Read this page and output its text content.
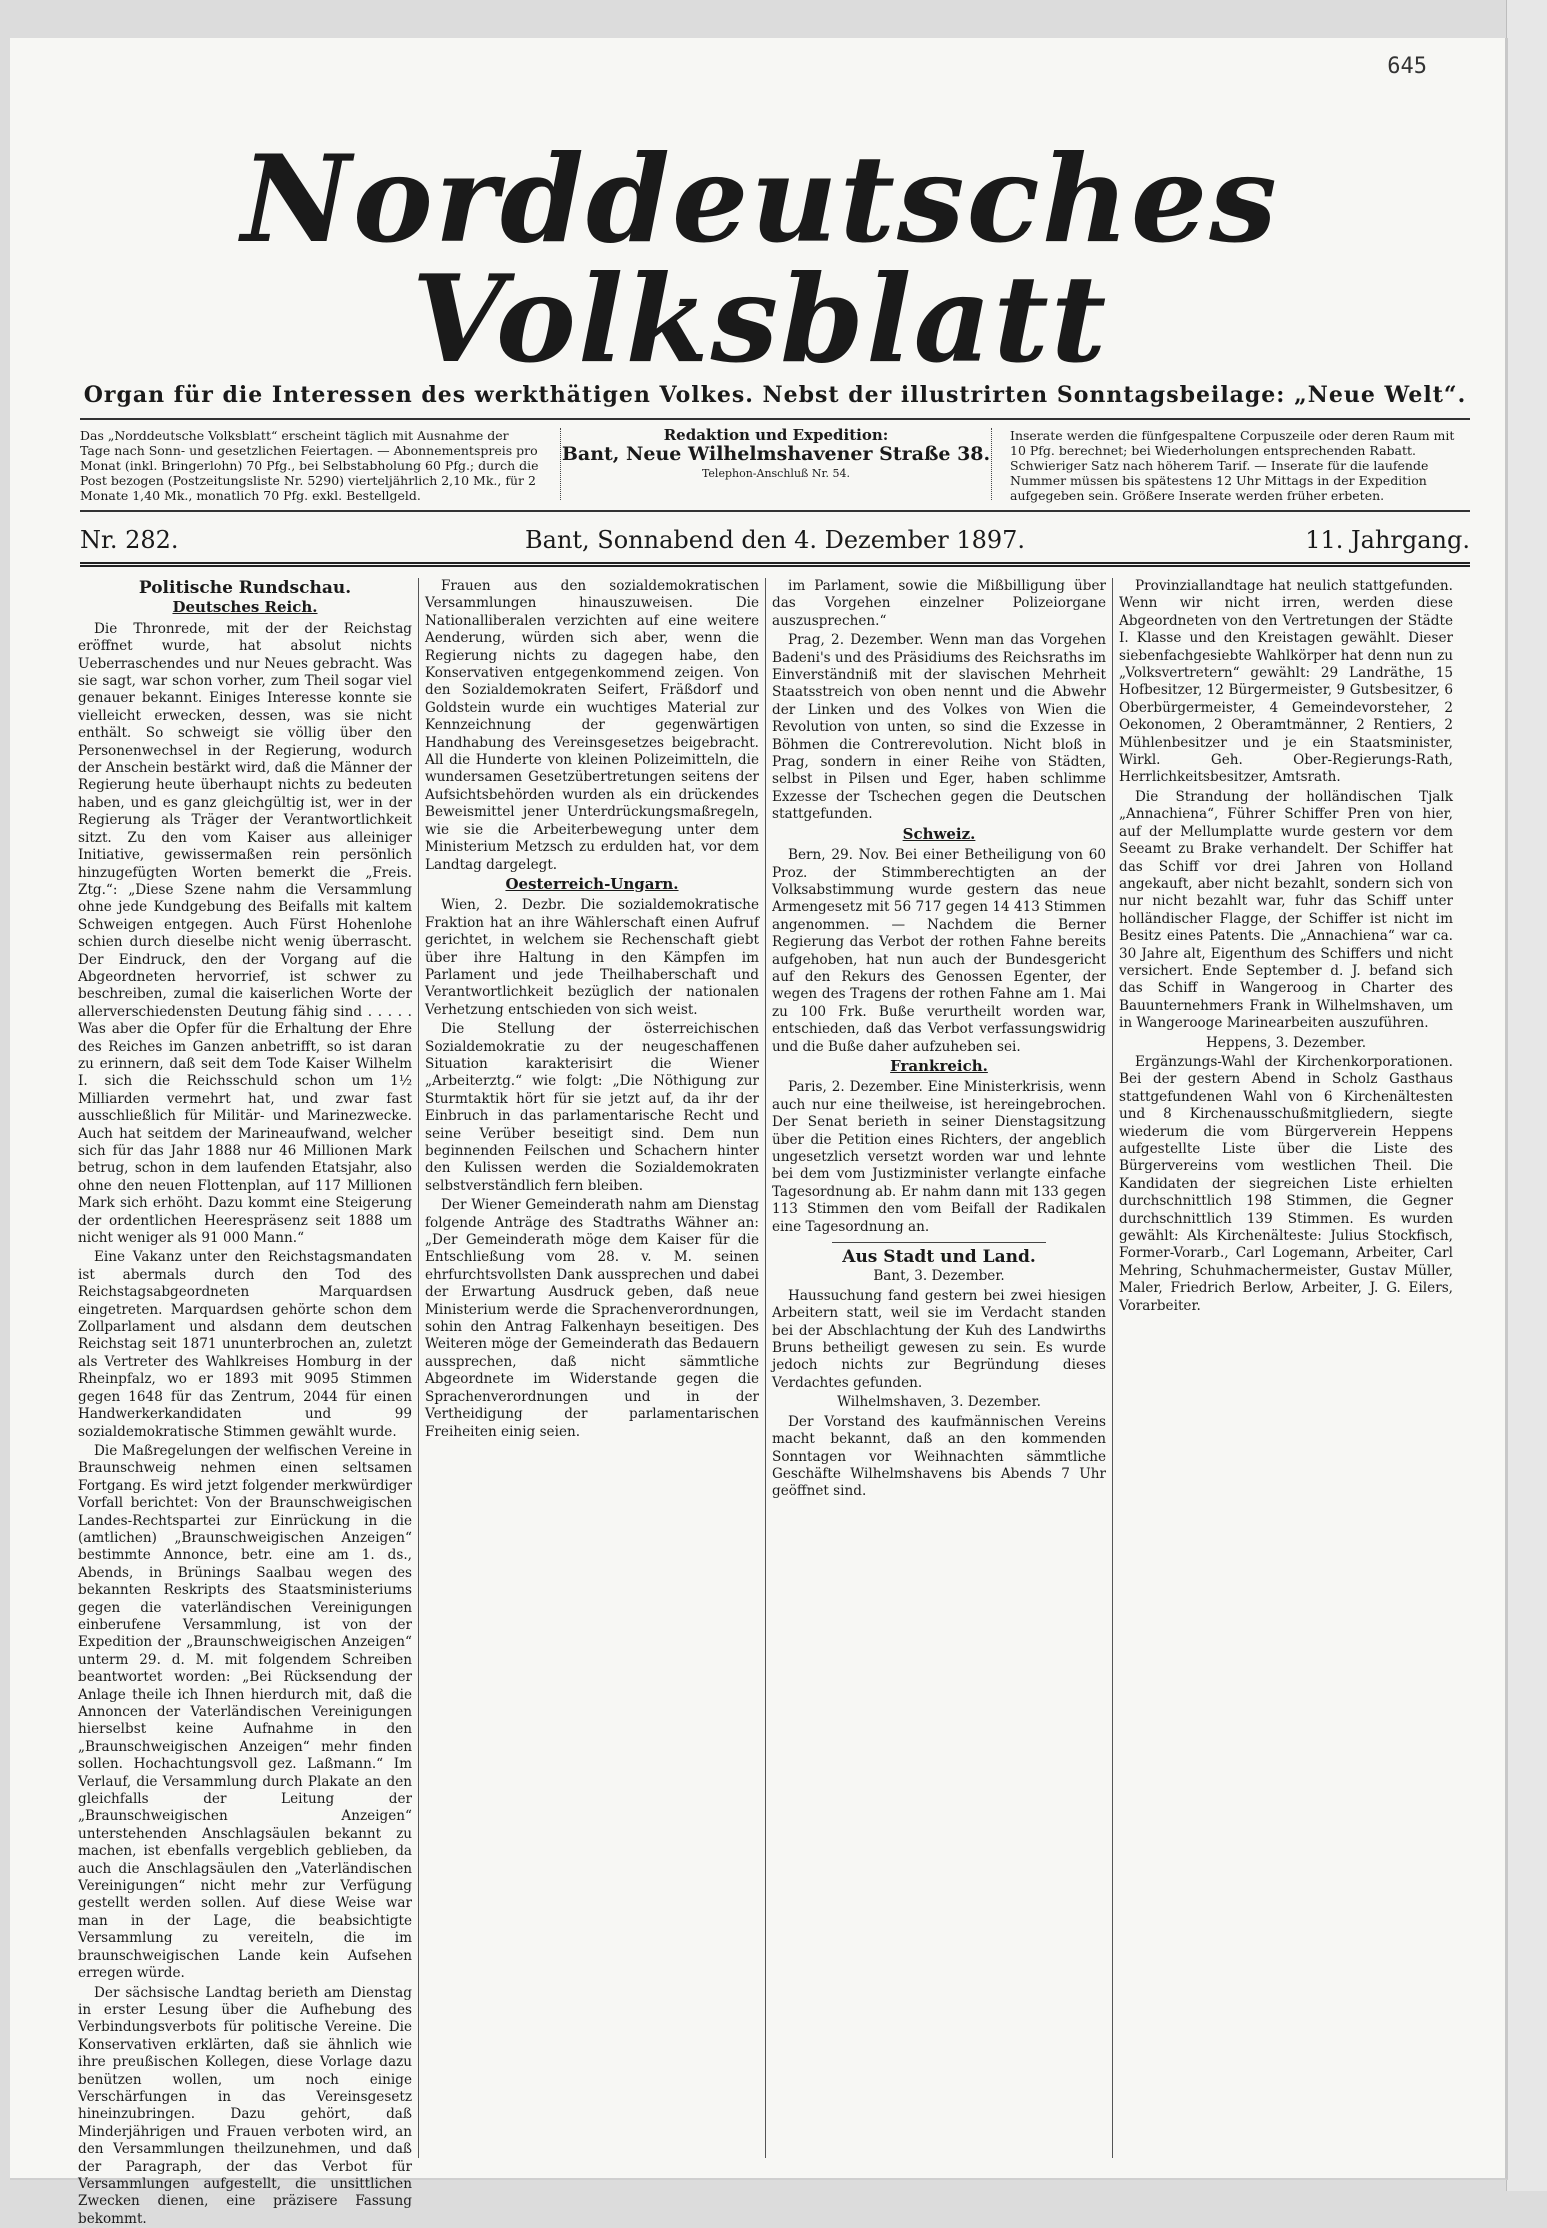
645
Norddeutsches Volksblatt
Organ für die Interessen des werkthätigen Volkes. Nebst der illustrirten Sonntagsbeilage: „Neue Welt“.
Das „Norddeutsche Volksblatt“ erscheint täglich mit Ausnahme der Tage nach Sonn- und gesetzlichen Feiertagen. — Abonnementspreis pro Monat (inkl. Bringerlohn) 70 Pfg., bei Selbstabholung 60 Pfg.; durch die Post bezogen (Postzeitungsliste Nr. 5290) vierteljährlich 2,10 Mk., für 2 Monate 1,40 Mk., monatlich 70 Pfg. exkl. Bestellgeld.
Redaktion und Expedition:
Bant, Neue Wilhelmshavener Straße 38.
Telephon-Anschluß Nr. 54.
Inserate werden die fünfgespaltene Corpuszeile oder deren Raum mit 10 Pfg. berechnet; bei Wiederholungen entsprechenden Rabatt. Schwieriger Satz nach höherem Tarif. — Inserate für die laufende Nummer müssen bis spätestens 12 Uhr Mittags in der Expedition aufgegeben sein. Größere Inserate werden früher erbeten.
Nr. 282.	Bant, Sonnabend den 4. Dezember 1897.	11. Jahrgang.
Politische Rundschau.
Deutsches Reich.

Die Thronrede, mit der der Reichstag eröffnet wurde, hat absolut nichts Ueberraschendes und nur Neues gebracht. Was sie sagt, war schon vorher, zum Theil sogar viel genauer bekannt. Einiges Interesse konnte sie vielleicht erwecken, dessen, was sie nicht enthält. So schweigt sie völlig über den Personenwechsel in der Regierung, wodurch der Anschein bestärkt wird, daß die Männer der Regierung heute überhaupt nichts zu bedeuten haben, und es ganz gleichgültig ist, wer in der Regierung als Träger der Verantwortlichkeit sitzt. Zu den vom Kaiser aus alleiniger Initiative, gewissermaßen rein persönlich hinzugefügten Worten bemerkt die „Freis. Ztg.“: „Diese Szene nahm die Versammlung ohne jede Kundgebung des Beifalls mit kaltem Schweigen entgegen. Auch Fürst Hohenlohe schien durch dieselbe nicht wenig überrascht. Der Eindruck, den der Vorgang auf die Abgeordneten hervorrief, ist schwer zu beschreiben, zumal die kaiserlichen Worte der allerverschiedensten Deutung fähig sind . . . . . Was aber die Opfer für die Erhaltung der Ehre des Reiches im Ganzen anbetrifft, so ist daran zu erinnern, daß seit dem Tode Kaiser Wilhelm I. sich die Reichsschuld schon um 1½ Milliarden vermehrt hat, und zwar fast ausschließlich für Militär- und Marinezwecke. Auch hat seitdem der Marineaufwand, welcher sich für das Jahr 1888 nur 46 Millionen Mark betrug, schon in dem laufenden Etatsjahr, also ohne den neuen Flottenplan, auf 117 Millionen Mark sich erhöht. Dazu kommt eine Steigerung der ordentlichen Heerespräsenz seit 1888 um nicht weniger als 91 000 Mann.“

Eine Vakanz unter den Reichstagsmandaten ist abermals durch den Tod des Reichstagsabgeordneten Marquardsen eingetreten. Marquardsen gehörte schon dem Zollparlament und alsdann dem deutschen Reichstag seit 1871 ununterbrochen an, zuletzt als Vertreter des Wahlkreises Homburg in der Rheinpfalz, wo er 1893 mit 9095 Stimmen gegen 1648 für das Zentrum, 2044 für einen Handwerkerkandidaten und 99 sozialdemokratische Stimmen gewählt wurde.

Die Maßregelungen der welfischen Vereine in Braunschweig nehmen einen seltsamen Fortgang. Es wird jetzt folgender merkwürdiger Vorfall berichtet: Von der Braunschweigischen Landes-Rechtspartei zur Einrückung in die (amtlichen) „Braunschweigischen Anzeigen“ bestimmte Annonce, betr. eine am 1. ds., Abends, in Brünings Saalbau wegen des bekannten Reskripts des Staatsministeriums gegen die vaterländischen Vereinigungen einberufene Versammlung, ist von der Expedition der „Braunschweigischen Anzeigen“ unterm 29. d. M. mit folgendem Schreiben beantwortet worden: „Bei Rücksendung der Anlage theile ich Ihnen hierdurch mit, daß die Annoncen der Vaterländischen Vereinigungen hierselbst keine Aufnahme in den „Braunschweigischen Anzeigen“ mehr finden sollen. Hochachtungsvoll gez. Laßmann.“ Im Verlauf, die Versammlung durch Plakate an den gleichfalls der Leitung der „Braunschweigischen Anzeigen“ unterstehenden Anschlagsäulen bekannt zu machen, ist ebenfalls vergeblich geblieben, da auch die Anschlagsäulen den „Vaterländischen Vereinigungen“ nicht mehr zur Verfügung gestellt werden sollen. Auf diese Weise war man in der Lage, die beabsichtigte Versammlung zu vereiteln, die im braunschweigischen Lande kein Aufsehen erregen würde.

Der sächsische Landtag berieth am Dienstag in erster Lesung über die Aufhebung des Verbindungsverbots für politische Vereine. Die Konservativen erklärten, daß sie ähnlich wie ihre preußischen Kollegen, diese Vorlage dazu benützen wollen, um noch einige Verschärfungen in das Vereinsgesetz hineinzubringen. Dazu gehört, daß Minderjährigen und Frauen verboten wird, an den Versammlungen theilzunehmen, und daß der Paragraph, der das Verbot für Versammlungen aufgestellt, die unsittlichen Zwecken dienen, eine präzisere Fassung bekommt.

Frauen aus den sozialdemokratischen Versammlungen hinauszuweisen. Die Nationalliberalen verzichten auf eine weitere Aenderung, würden sich aber, wenn die Regierung nichts zu dagegen habe, den Konservativen entgegenkommend zeigen. Von den Sozialdemokraten Seifert, Fräßdorf und Goldstein wurde ein wuchtiges Material zur Kennzeichnung der gegenwärtigen Handhabung des Vereinsgesetzes beigebracht. All die Hunderte von kleinen Polizeimitteln, die wundersamen Gesetzübertretungen seitens der Aufsichtsbehörden wurden als ein drückendes Beweismittel jener Unterdrückungsmaßregeln, wie sie die Arbeiterbewegung unter dem Ministerium Metzsch zu erdulden hat, vor dem Landtag dargelegt.

Oesterreich-Ungarn.

Wien, 2. Dezbr. Die sozialdemokratische Fraktion hat an ihre Wählerschaft einen Aufruf gerichtet, in welchem sie Rechenschaft giebt über ihre Haltung in den Kämpfen im Parlament und jede Theilhaberschaft und Verantwortlichkeit bezüglich der nationalen Verhetzung entschieden von sich weist.

Die Stellung der österreichischen Sozialdemokratie zu der neugeschaffenen Situation karakterisirt die Wiener „Arbeiterztg.“ wie folgt: „Die Nöthigung zur Sturmtaktik hört für sie jetzt auf, da ihr der Einbruch in das parlamentarische Recht und seine Verüber beseitigt sind. Dem nun beginnenden Feilschen und Schachern hinter den Kulissen werden die Sozialdemokraten selbstverständlich fern bleiben.

Der Wiener Gemeinderath nahm am Dienstag folgende Anträge des Stadtraths Wähner an: „Der Gemeinderath möge dem Kaiser für die Entschließung vom 28. v. M. seinen ehrfurchtsvollsten Dank aussprechen und dabei der Erwartung Ausdruck geben, daß neue Ministerium werde die Sprachenverordnungen, sohin den Antrag Falkenhayn beseitigen. Des Weiteren möge der Gemeinderath das Bedauern aussprechen, daß nicht sämmtliche Abgeordnete im Widerstande gegen die Sprachenverordnungen und in der Vertheidigung der parlamentarischen Freiheiten einig seien.

im Parlament, sowie die Mißbilligung über das Vorgehen einzelner Polizeiorgane auszusprechen.“

Prag, 2. Dezember. Wenn man das Vorgehen Badeni's und des Präsidiums des Reichsraths im Einverständniß mit der slavischen Mehrheit Staatsstreich von oben nennt und die Abwehr der Linken und des Volkes von Wien die Revolution von unten, so sind die Exzesse in Böhmen die Contrerevolution. Nicht bloß in Prag, sondern in einer Reihe von Städten, selbst in Pilsen und Eger, haben schlimme Exzesse der Tschechen gegen die Deutschen stattgefunden.

Schweiz.

Bern, 29. Nov. Bei einer Betheiligung von 60 Proz. der Stimmberechtigten an der Volksabstimmung wurde gestern das neue Armengesetz mit 56 717 gegen 14 413 Stimmen angenommen. — Nachdem die Berner Regierung das Verbot der rothen Fahne bereits aufgehoben, hat nun auch der Bundesgericht auf den Rekurs des Genossen Egenter, der wegen des Tragens der rothen Fahne am 1. Mai zu 100 Frk. Buße verurtheilt worden war, entschieden, daß das Verbot verfassungswidrig und die Buße daher aufzuheben sei.

Frankreich.

Paris, 2. Dezember. Eine Ministerkrisis, wenn auch nur eine theilweise, ist hereingebrochen. Der Senat berieth in seiner Dienstagsitzung über die Petition eines Richters, der angeblich ungesetzlich versetzt worden war und lehnte bei dem vom Justizminister verlangte einfache Tagesordnung ab. Er nahm dann mit 133 gegen 113 Stimmen den vom Beifall der Radikalen eine Tagesordnung an.

Aus Stadt und Land.

Bant, 3. Dezember.

Haussuchung fand gestern bei zwei hiesigen Arbeitern statt, weil sie im Verdacht standen bei der Abschlachtung der Kuh des Landwirths Bruns betheiligt gewesen zu sein. Es wurde jedoch nichts zur Begründung dieses Verdachtes gefunden.

Wilhelmshaven, 3. Dezember.

Der Vorstand des kaufmännischen Vereins macht bekannt, daß an den kommenden Sonntagen vor Weihnachten sämmtliche Geschäfte Wilhelmshavens bis Abends 7 Uhr geöffnet sind.

Provinziallandtage hat neulich stattgefunden. Wenn wir nicht irren, werden diese Abgeordneten von den Vertretungen der Städte I. Klasse und den Kreistagen gewählt. Dieser siebenfachgesiebte Wahlkörper hat denn nun zu „Volksvertretern“ gewählt: 29 Landräthe, 15 Hofbesitzer, 12 Bürgermeister, 9 Gutsbesitzer, 6 Oberbürgermeister, 4 Gemeindevorsteher, 2 Oekonomen, 2 Oberamtmänner, 2 Rentiers, 2 Mühlenbesitzer und je ein Staatsminister, Wirkl. Geh. Ober-Regierungs-Rath, Herrlichkeitsbesitzer, Amtsrath.

Die Strandung der holländischen Tjalk „Annachiena“, Führer Schiffer Pren von hier, auf der Mellumplatte wurde gestern vor dem Seeamt zu Brake verhandelt. Der Schiffer hat das Schiff vor drei Jahren von Holland angekauft, aber nicht bezahlt, sondern sich von nur nicht bezahlt war, fuhr das Schiff unter holländischer Flagge, der Schiffer ist nicht im Besitz eines Patents. Die „Annachiena“ war ca. 30 Jahre alt, Eigenthum des Schiffers und nicht versichert. Ende September d. J. befand sich das Schiff in Wangeroog in Charter des Bauunternehmers Frank in Wilhelmshaven, um in Wangerooge Marinearbeiten auszuführen.

Heppens, 3. Dezember.

Ergänzungs-Wahl der Kirchenkorporationen. Bei der gestern Abend in Scholz Gasthaus stattgefundenen Wahl von 6 Kirchenältesten und 8 Kirchenausschußmitgliedern, siegte wiederum die vom Bürgerverein Heppens aufgestellte Liste über die Liste des Bürgervereins vom westlichen Theil. Die Kandidaten der siegreichen Liste erhielten durchschnittlich 198 Stimmen, die Gegner durchschnittlich 139 Stimmen. Es wurden gewählt: Als Kirchenälteste: Julius Stockfisch, Former-Vorarb., Carl Logemann, Arbeiter, Carl Mehring, Schuhmachermeister, Gustav Müller, Maler, Friedrich Berlow, Arbeiter, J. G. Eilers, Vorarbeiter.
